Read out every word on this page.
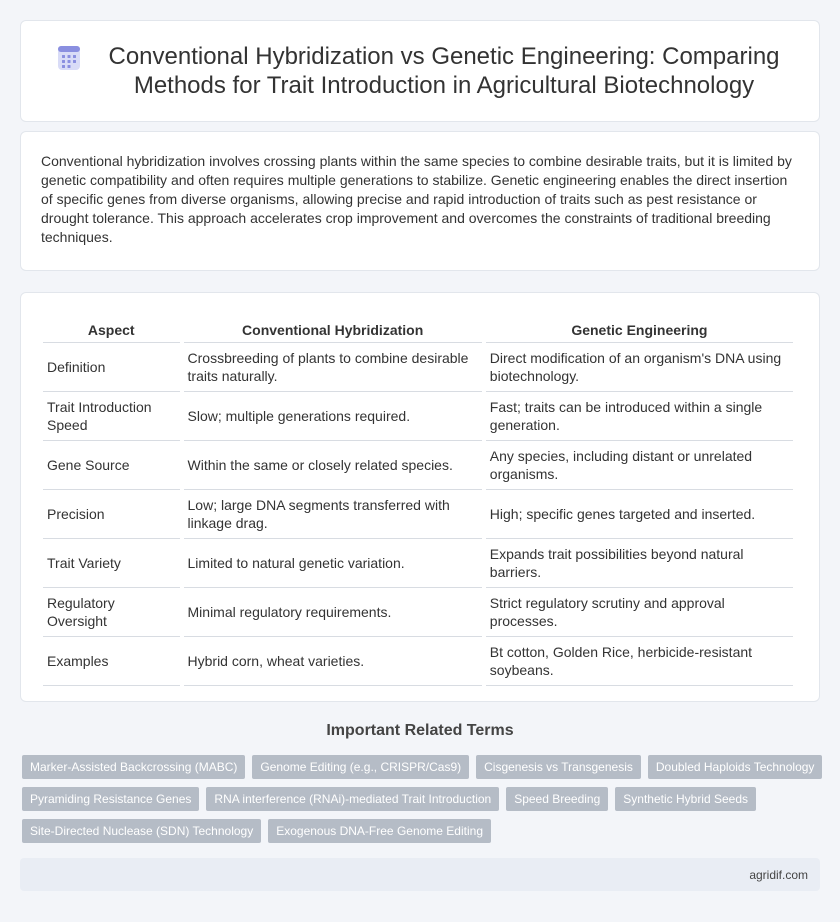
Conventional Hybridization vs Genetic Engineering: Comparing Methods for Trait Introduction in Agricultural Biotechnology

Conventional hybridization involves crossing plants within the same species to combine desirable traits, but it is limited by genetic compatibility and often requires multiple generations to stabilize. Genetic engineering enables the direct insertion of specific genes from diverse organisms, allowing precise and rapid introduction of traits such as pest resistance or drought tolerance. This approach accelerates crop improvement and overcomes the constraints of traditional breeding techniques.

Aspect	Conventional Hybridization	Genetic Engineering
Definition	Crossbreeding of plants to combine desirable traits naturally.	Direct modification of an organism's DNA using biotechnology.
Trait Introduction Speed	Slow; multiple generations required.	Fast; traits can be introduced within a single generation.
Gene Source	Within the same or closely related species.	Any species, including distant or unrelated organisms.
Precision	Low; large DNA segments transferred with linkage drag.	High; specific genes targeted and inserted.
Trait Variety	Limited to natural genetic variation.	Expands trait possibilities beyond natural barriers.
Regulatory Oversight	Minimal regulatory requirements.	Strict regulatory scrutiny and approval processes.
Examples	Hybrid corn, wheat varieties.	Bt cotton, Golden Rice, herbicide-resistant soybeans.
Important Related Terms
Marker-Assisted Backcrossing (MABC)	Genome Editing (e.g., CRISPR/Cas9)	Cisgenesis vs Transgenesis	Doubled Haploids Technology
Pyramiding Resistance Genes	RNA interference (RNAi)-mediated Trait Introduction	Speed Breeding	Synthetic Hybrid Seeds
Site-Directed Nuclease (SDN) Technology	Exogenous DNA-Free Genome Editing
agridif.com
